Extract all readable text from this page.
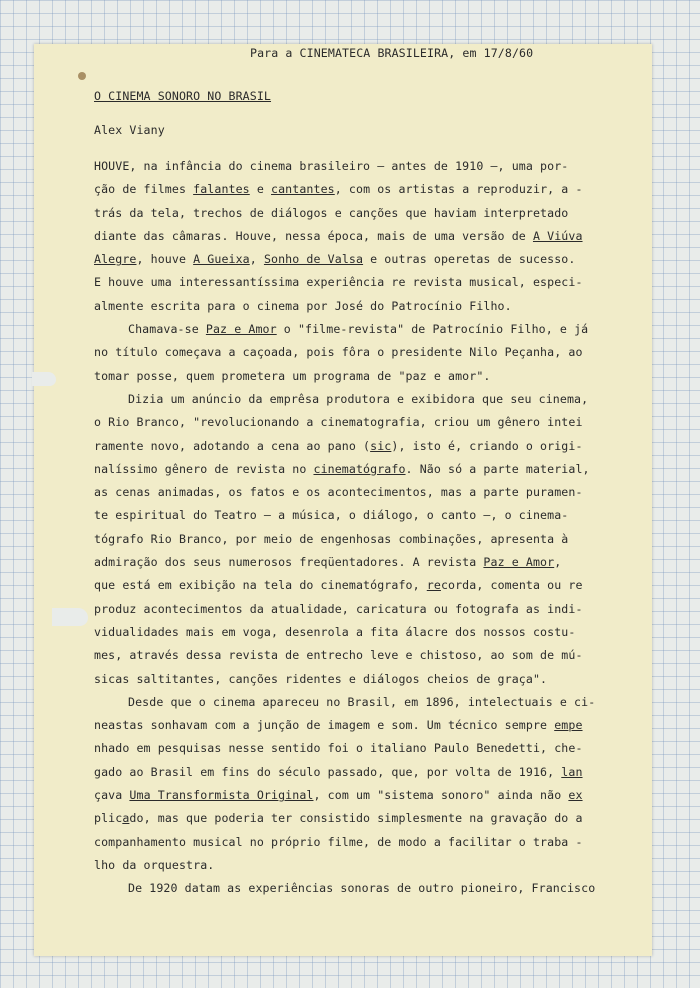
Para a CINEMATECA BRASILEIRA, em 17/8/60
O CINEMA SONORO NO BRASIL
Alex Viany
HOUVE, na infância do cinema brasileiro — antes de 1910 —, uma por-
ção de filmes falantes e cantantes, com os artistas a reproduzir, a -
trás da tela, trechos de diálogos e canções que haviam interpretado
diante das câmaras. Houve, nessa época, mais de uma versão de A Viúva
Alegre, houve A Gueixa, Sonho de Valsa e outras operetas de sucesso.
E houve uma interessantíssima experiência re revista musical, especi-
almente escrita para o cinema por José do Patrocínio Filho.
Chamava-se Paz e Amor o "filme-revista" de Patrocínio Filho, e já
no título começava a caçoada, pois fôra o presidente Nilo Peçanha, ao
tomar posse, quem prometera um programa de "paz e amor".
Dizia um anúncio da emprêsa produtora e exibidora que seu cinema,
o Rio Branco, "revolucionando a cinematografia, criou um gênero intei
ramente novo, adotando a cena ao pano (sic), isto é, criando o origi-
nalíssimo gênero de revista no cinematógrafo. Não só a parte material,
as cenas animadas, os fatos e os acontecimentos, mas a parte puramen-
te espiritual do Teatro — a música, o diálogo, o canto —, o cinema-
tógrafo Rio Branco, por meio de engenhosas combinações, apresenta à
admiração dos seus numerosos freqüentadores. A revista Paz e Amor,
que está em exibição na tela do cinematógrafo, recorda, comenta ou re
produz acontecimentos da atualidade, caricatura ou fotografa as indi-
vidualidades mais em voga, desenrola a fita álacre dos nossos costu-
mes, através dessa revista de entrecho leve e chistoso, ao som de mú-
sicas saltitantes, canções ridentes e diálogos cheios de graça".
Desde que o cinema apareceu no Brasil, em 1896, intelectuais e ci-
neastas sonhavam com a junção de imagem e som. Um técnico sempre empe
nhado em pesquisas nesse sentido foi o italiano Paulo Benedetti, che-
gado ao Brasil em fins do século passado, que, por volta de 1916, lan
çava Uma Transformista Original, com um "sistema sonoro" ainda não ex
plicado, mas que poderia ter consistido simplesmente na gravação do a
companhamento musical no próprio filme, de modo a facilitar o traba -
lho da orquestra.
De 1920 datam as experiências sonoras de outro pioneiro, Francisco
